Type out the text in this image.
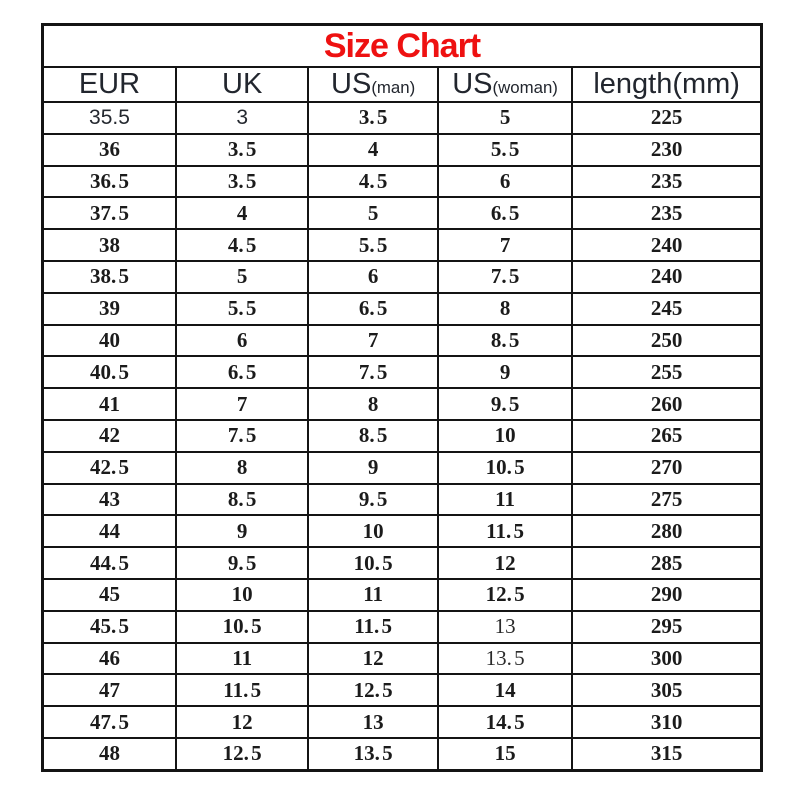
Size Chart				
EUR	UK	US(man)	US(woman)	length(mm)
35.5	3	3. 5	5	225
36	3. 5	4	5. 5	230
36. 5	3. 5	4. 5	6	235
37. 5	4	5	6. 5	235
38	4. 5	5. 5	7	240
38. 5	5	6	7. 5	240
39	5. 5	6. 5	8	245
40	6	7	8. 5	250
40. 5	6. 5	7. 5	9	255
41	7	8	9. 5	260
42	7. 5	8. 5	10	265
42. 5	8	9	10. 5	270
43	8. 5	9. 5	11	275
44	9	10	11. 5	280
44. 5	9. 5	10. 5	12	285
45	10	11	12. 5	290
45. 5	10. 5	11. 5	13	295
46	11	12	13. 5	300
47	11. 5	12. 5	14	305
47. 5	12	13	14. 5	310
48	12. 5	13. 5	15	315
